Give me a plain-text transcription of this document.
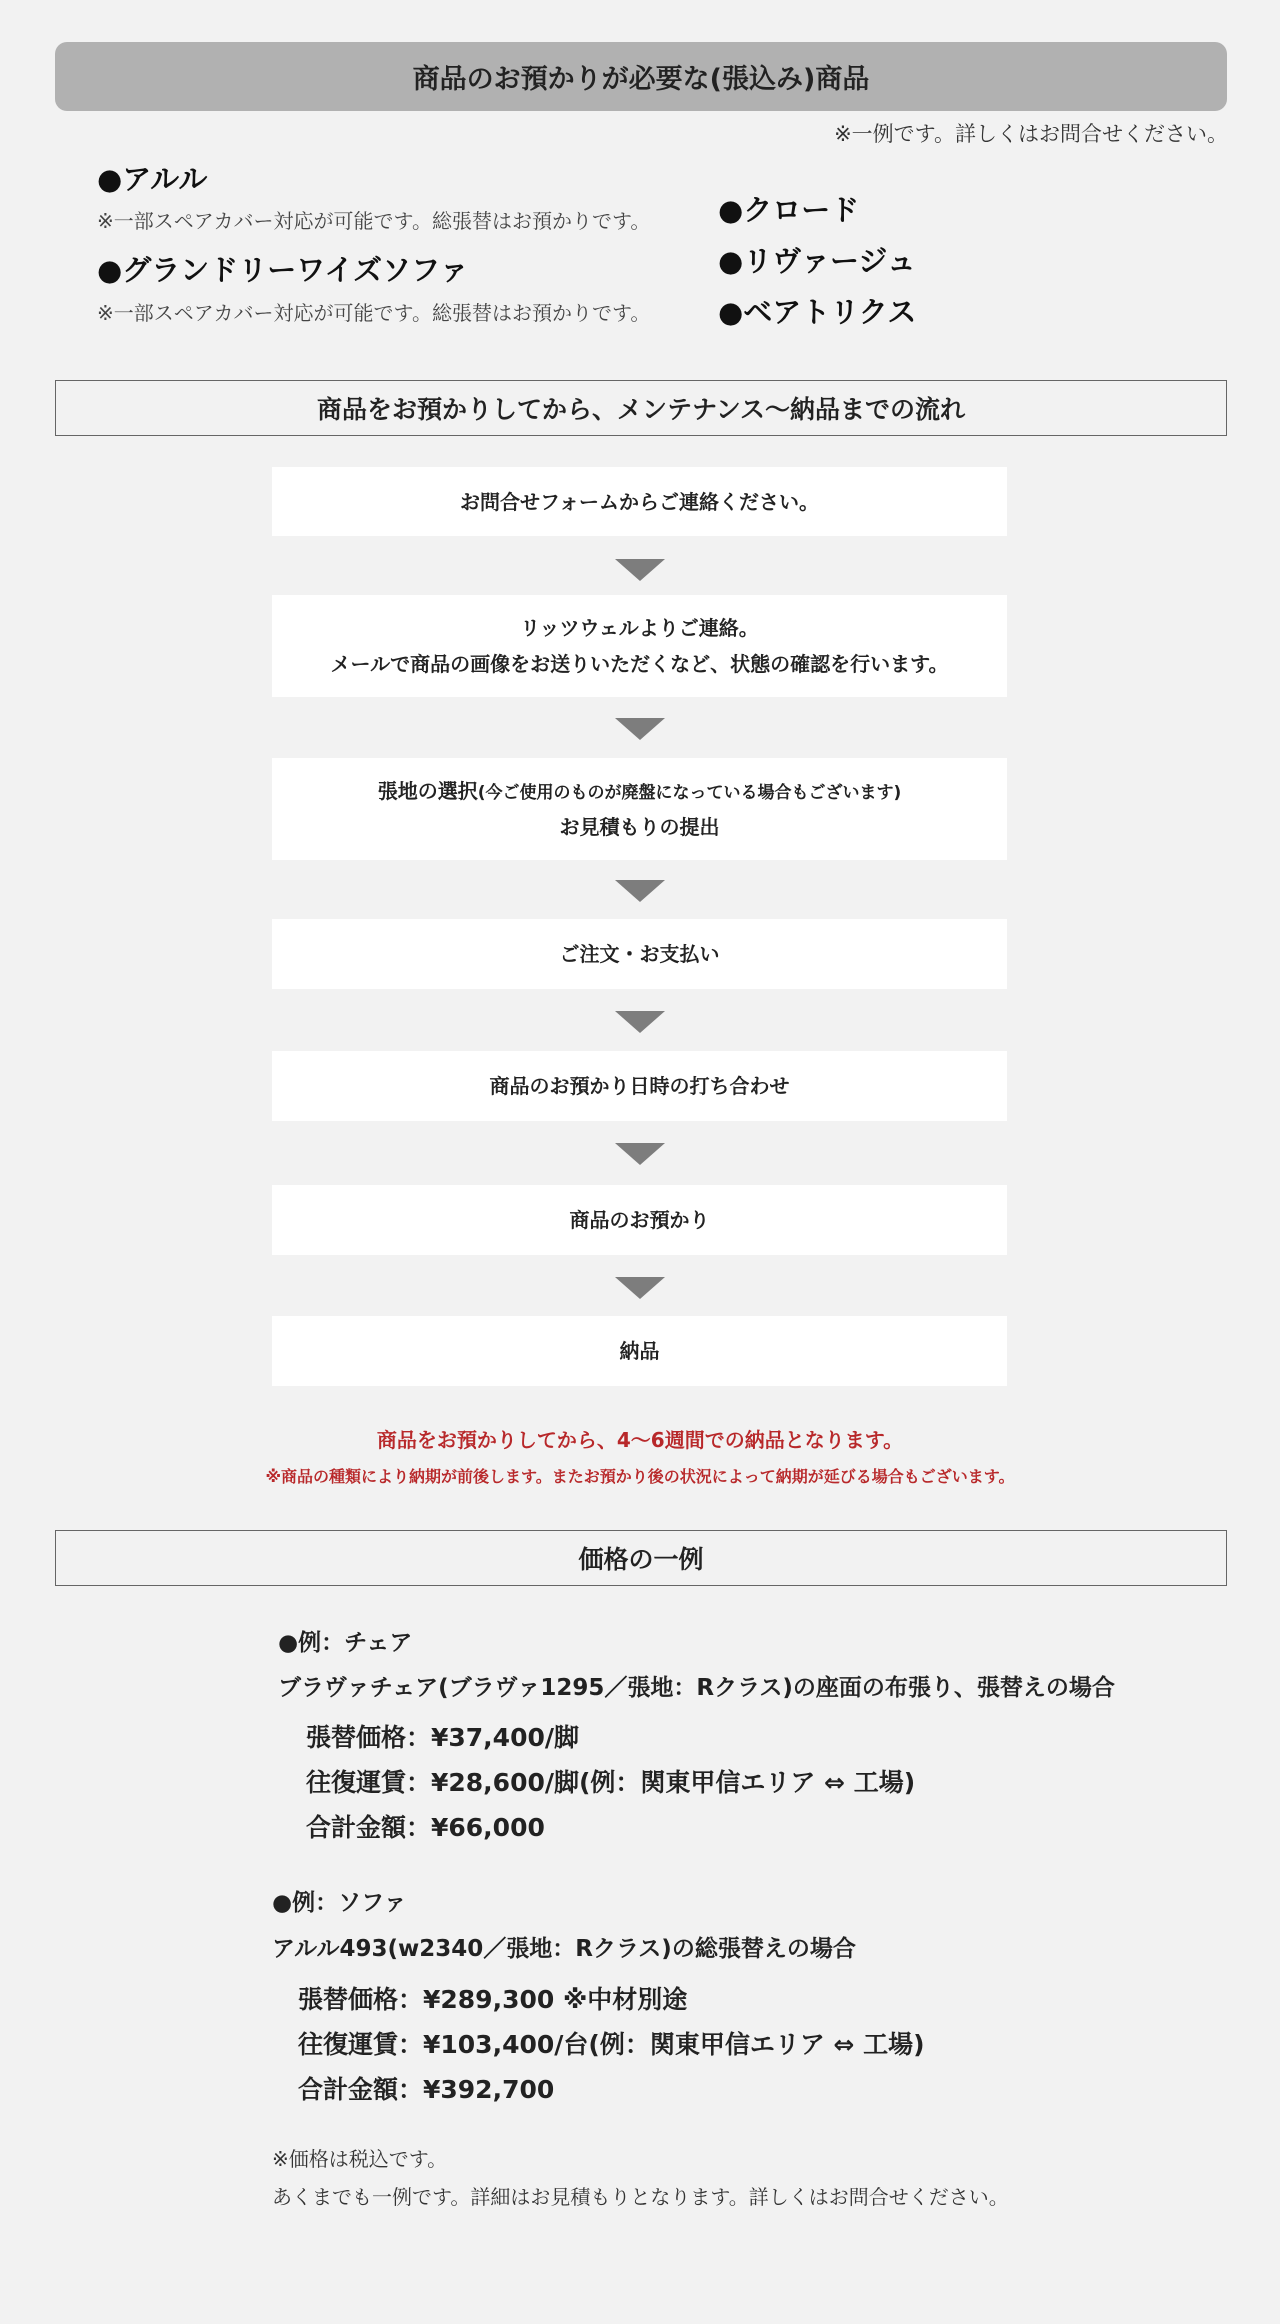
商品のお預かりが必要な(張込み)商品
※一例です。詳しくはお問合せください。
●アルル
※一部スペアカバー対応が可能です。総張替はお預かりです。
●グランドリーワイズソファ
※一部スペアカバー対応が可能です。総張替はお預かりです。
●クロード
●リヴァージュ
●ベアトリクス
商品をお預かりしてから、メンテナンス〜納品までの流れ
お問合せフォームからご連絡ください。
リッツウェルよりご連絡。
メールで商品の画像をお送りいただくなど、状態の確認を行います。
張地の選択(今ご使用のものが廃盤になっている場合もございます)
お見積もりの提出
ご注文・お支払い
商品のお預かり日時の打ち合わせ
商品のお預かり
納品
商品をお預かりしてから、4〜6週間での納品となります。
※商品の種類により納期が前後します。またお預かり後の状況によって納期が延びる場合もございます。
価格の一例
●例：チェア
ブラヴァチェア(ブラヴァ1295／張地：Rクラス)の座面の布張り、張替えの場合
張替価格：¥37,400/脚
往復運賃：¥28,600/脚(例：関東甲信エリア ⇔ 工場)
合計金額：¥66,000
●例：ソファ
アルル493(w2340／張地：Rクラス)の総張替えの場合
張替価格：¥289,300 ※中材別途
往復運賃：¥103,400/台(例：関東甲信エリア ⇔ 工場)
合計金額：¥392,700
※価格は税込です。
あくまでも一例です。詳細はお見積もりとなります。詳しくはお問合せください。
